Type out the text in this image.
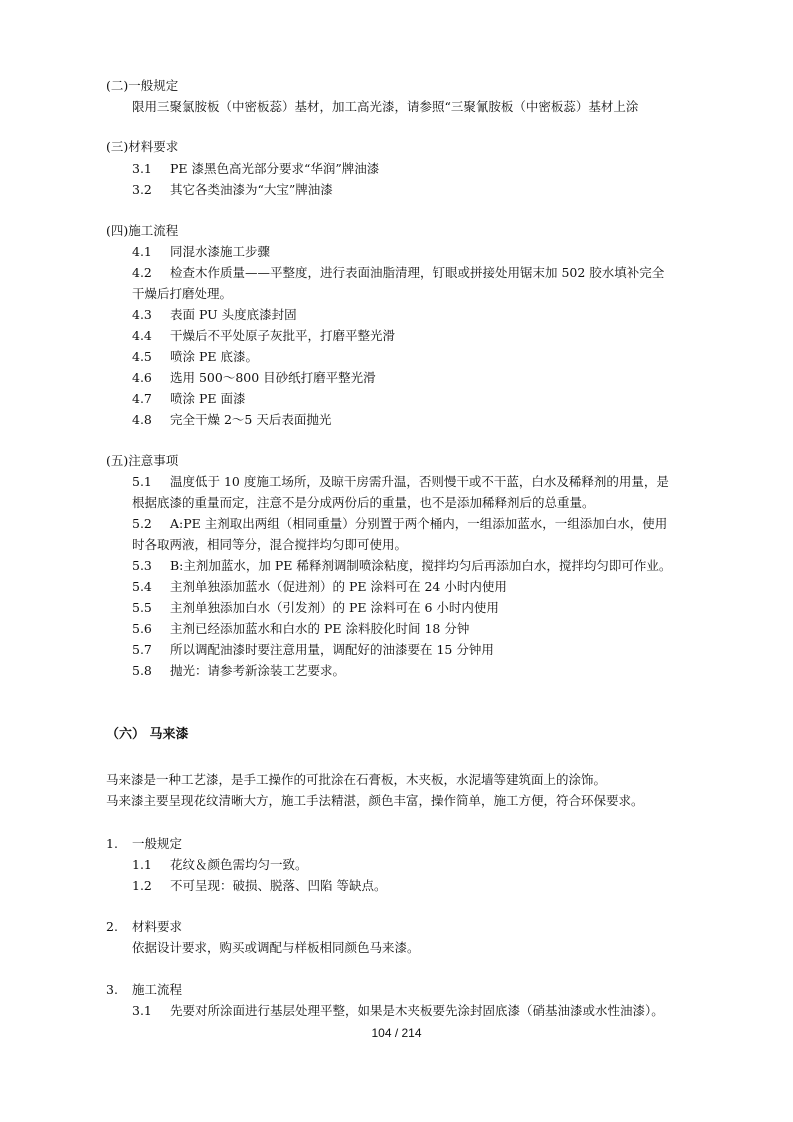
(二)一般规定
限用三聚氯胺板（中密板蕊）基材，加工高光漆，请参照“三聚氰胺板（中密板蕊）基材上涂
(三)材料要求
3.1 PE 漆黑色高光部分要求“华润”牌油漆
3.2 其它各类油漆为“大宝”牌油漆
(四)施工流程
4.1 同混水漆施工步骤
4.2 检查木作质量——平整度，进行表面油脂清理，钉眼或拼接处用锯末加 502 胶水填补完全
干燥后打磨处理。
4.3 表面 PU 头度底漆封固
4.4 干燥后不平处原子灰批平，打磨平整光滑
4.5 喷涂 PE 底漆。
4.6 选用 500～800 目砂纸打磨平整光滑
4.7 喷涂 PE 面漆
4.8 完全干燥 2～5 天后表面抛光
(五)注意事项
5.1 温度低于 10 度施工场所，及晾干房需升温，否则慢干或不干蓝，白水及稀释剂的用量，是
根据底漆的重量而定，注意不是分成两份后的重量，也不是添加稀释剂后的总重量。
5.2 A:PE 主剂取出两组（相同重量）分别置于两个桶内，一组添加蓝水，一组添加白水，使用
时各取两液，相同等分，混合搅拌均匀即可使用。
5.3 B:主剂加蓝水，加 PE 稀释剂调制喷涂粘度，搅拌均匀后再添加白水，搅拌均匀即可作业。
5.4 主剂单独添加蓝水（促进剂）的 PE 涂料可在 24 小时内使用
5.5 主剂单独添加白水（引发剂）的 PE 涂料可在 6 小时内使用
5.6 主剂已经添加蓝水和白水的 PE 涂料胶化时间 18 分钟
5.7 所以调配油漆时要注意用量，调配好的油漆要在 15 分钟用
5.8 抛光：请参考新涂装工艺要求。
（六） 马来漆
马来漆是一种工艺漆，是手工操作的可批涂在石膏板，木夹板，水泥墙等建筑面上的涂饰。
马来漆主要呈现花纹清晰大方，施工手法精湛，颜色丰富，操作简单，施工方便，符合环保要求。
1. 一般规定
1.1 花纹＆颜色需均匀一致。
1.2 不可呈现：破损、脱落、凹陷 等缺点。
2. 材料要求
依据设计要求，购买或调配与样板相同颜色马来漆。
3. 施工流程
3.1 先要对所涂面进行基层处理平整，如果是木夹板要先涂封固底漆（硝基油漆或水性油漆）。
104 / 214
